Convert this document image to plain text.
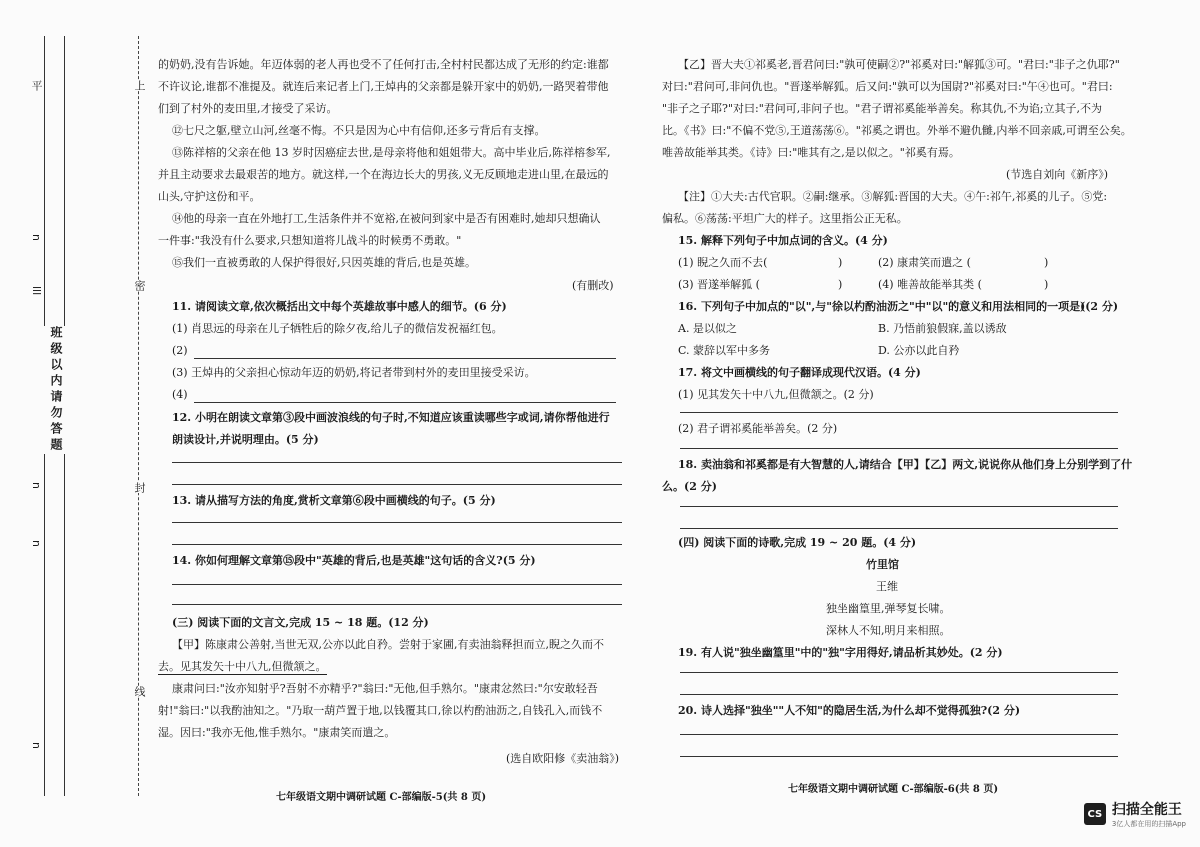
平
n
lll
n
n
n
班级以内请勿答题
上
密
封
线
的奶奶,没有告诉她。年迈体弱的老人再也受不了任何打击,全村村民都达成了无形的约定:谁都
不许议论,谁都不准提及。就连后来记者上门,王焯冉的父亲都是躲开家中的奶奶,一路哭着带他
们到了村外的麦田里,才接受了采访。
⑫七尺之躯,壁立山河,丝毫不悔。不只是因为心中有信仰,还多亏背后有支撑。
⑬陈祥榕的父亲在他 13 岁时因癌症去世,是母亲将他和姐姐带大。高中毕业后,陈祥榕参军,
并且主动要求去最艰苦的地方。就这样,一个在海边长大的男孩,义无反顾地走进山里,在最远的
山头,守护这份和平。
⑭他的母亲一直在外地打工,生活条件并不宽裕,在被问到家中是否有困难时,她却只想确认
一件事:"我没有什么要求,只想知道将儿战斗的时候勇不勇敢。"
⑮我们一直被勇敢的人保护得很好,只因英雄的背后,也是英雄。
(有删改)
11. 请阅读文章,依次概括出文中每个英雄故事中感人的细节。(6 分)
(1) 肖思远的母亲在儿子牺牲后的除夕夜,给儿子的微信发祝福红包。
(2)
(3) 王焯冉的父亲担心惊动年迈的奶奶,将记者带到村外的麦田里接受采访。
(4)
12. 小明在朗读文章第③段中画波浪线的句子时,不知道应该重读哪些字或词,请你帮他进行
朗读设计,并说明理由。(5 分)
13. 请从描写方法的角度,赏析文章第⑥段中画横线的句子。(5 分)
14. 你如何理解文章第⑮段中"英雄的背后,也是英雄"这句话的含义?(5 分)
(三) 阅读下面的文言文,完成 15 ~ 18 题。(12 分)
【甲】陈康肃公善射,当世无双,公亦以此自矜。尝射于家圃,有卖油翁释担而立,睨之久而不
去。见其发矢十中八九,但微颔之。
康肃问曰:"汝亦知射乎?吾射不亦精乎?"翁曰:"无他,但手熟尔。"康肃忿然曰:"尔安敢轻吾
射!"翁曰:"以我酌油知之。"乃取一葫芦置于地,以钱覆其口,徐以杓酌油沥之,自钱孔入,而钱不
湿。因曰:"我亦无他,惟手熟尔。"康肃笑而遣之。
(选自欧阳修《卖油翁》)
七年级语文期中调研试题 C-部编版-5(共 8 页)
【乙】晋大夫①祁奚老,晋君问曰:"孰可使嗣②?"祁奚对曰:"解狐③可。"君曰:"非子之仇耶?"
对曰:"君问可,非问仇也。"晋遂举解狐。后又问:"孰可以为国尉?"祁奚对曰:"午④也可。"君曰:
"非子之子耶?"对曰:"君问可,非问子也。"君子谓祁奚能举善矣。称其仇,不为谄;立其子,不为
比。《书》曰:"不偏不党⑤,王道荡荡⑥。"祁奚之谓也。外举不避仇雠,内举不回亲戚,可谓至公矣。
唯善故能举其类。《诗》曰:"唯其有之,是以似之。"祁奚有焉。
(节选自刘向《新序》)
【注】①大夫:古代官职。②嗣:继承。③解狐:晋国的大夫。④午:祁午,祁奚的儿子。⑤党:
偏私。⑥荡荡:平坦广大的样子。这里指公正无私。
15. 解释下列句子中加点词的含义。(4 分)
(1) 睨之久而不去(	)	(2) 康肃笑而遣之 (	)
(3) 晋遂举解狐 (	)	(4) 唯善故能举其类 (	)
16. 下列句子中加点的"以",与"徐以杓酌油沥之"中"以"的意义和用法相同的一项是(
)(2 分)
A. 是以似之	B. 乃悟前狼假寐,盖以诱敌
C. 蒙辞以军中多务	D. 公亦以此自矜
17. 将文中画横线的句子翻译成现代汉语。(4 分)
(1) 见其发矢十中八九,但微颔之。(2 分)
(2) 君子谓祁奚能举善矣。(2 分)
18. 卖油翁和祁奚都是有大智慧的人,请结合【甲】【乙】两文,说说你从他们身上分别学到了什
么。(2 分)
(四) 阅读下面的诗歌,完成 19 ~ 20 题。(4 分)
竹里馆
王维
独坐幽篁里,弹琴复长啸。
深林人不知,明月来相照。
19. 有人说"独坐幽篁里"中的"独"字用得好,请品析其妙处。(2 分)
20. 诗人选择"独坐""人不知"的隐居生活,为什么却不觉得孤独?(2 分)
七年级语文期中调研试题 C-部编版-6(共 8 页)
CS 扫描全能王
3亿人都在用的扫描App
